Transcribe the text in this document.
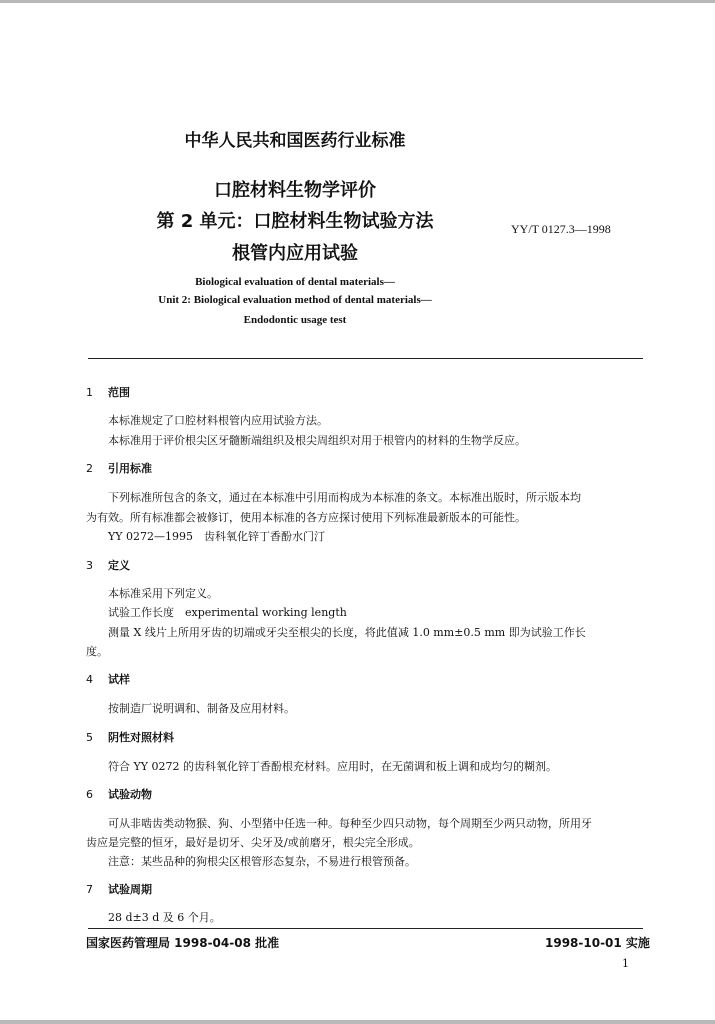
中华人民共和国医药行业标准
口腔材料生物学评价
第 2 单元：口腔材料生物试验方法
根管内应用试验
YY/T 0127.3—1998
Biological evaluation of dental materials—
Unit 2: Biological evaluation method of dental materials—
Endodontic usage test
1 范围
本标准规定了口腔材料根管内应用试验方法。
本标准用于评价根尖区牙髓断端组织及根尖周组织对用于根管内的材料的生物学反应。
2 引用标准
下列标准所包含的条文，通过在本标准中引用而构成为本标准的条文。本标准出版时，所示版本均
为有效。所有标准都会被修订，使用本标准的各方应探讨使用下列标准最新版本的可能性。
YY 0272—1995　齿科氧化锌丁香酚水门汀
3 定义
本标准采用下列定义。
试验工作长度　experimental working length
测量 X 线片上所用牙齿的切端或牙尖至根尖的长度，将此值减 1.0 mm±0.5 mm 即为试验工作长
度。
4 试样
按制造厂说明调和、制备及应用材料。
5 阴性对照材料
符合 YY 0272 的齿科氧化锌丁香酚根充材料。应用时，在无菌调和板上调和成均匀的糊剂。
6 试验动物
可从非啮齿类动物猴、狗、小型猪中任选一种。每种至少四只动物，每个周期至少两只动物，所用牙
齿应是完整的恒牙，最好是切牙、尖牙及/或前磨牙，根尖完全形成。
注意：某些品种的狗根尖区根管形态复杂，不易进行根管预备。
7 试验周期
28 d±3 d 及 6 个月。
国家医药管理局 1998-04-08 批准	1998-10-01 实施
1
